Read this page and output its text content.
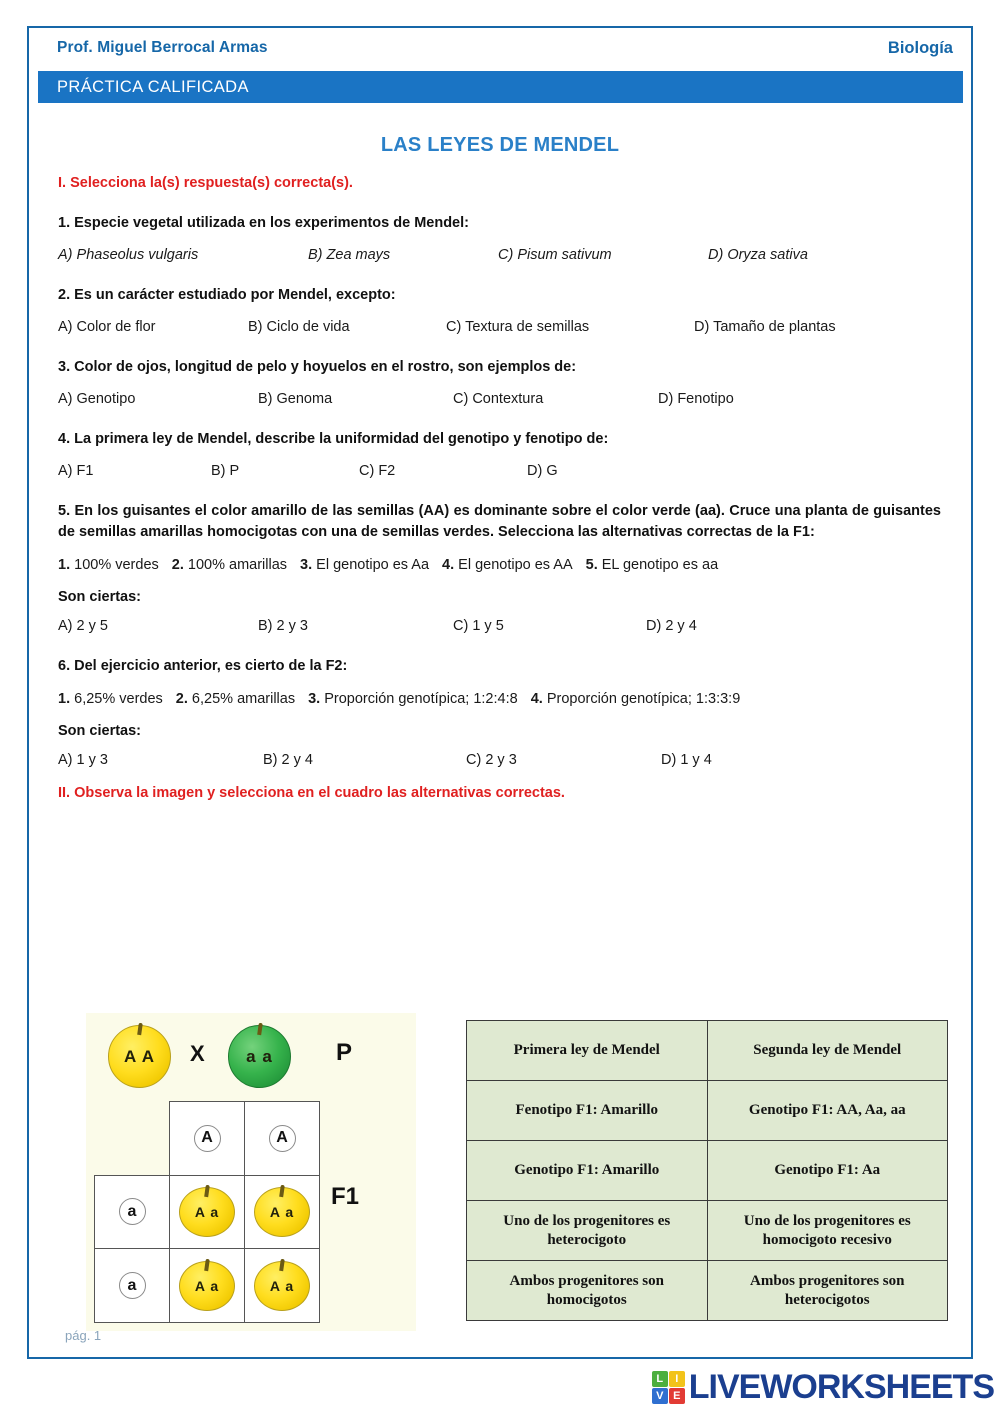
Prof. Miguel Berrocal Armas	Biología
PRÁCTICA CALIFICADA
LAS LEYES DE MENDEL
I. Selecciona la(s) respuesta(s) correcta(s).
1. Especie vegetal utilizada en los experimentos de Mendel:
A) Phaseolus vulgaris	B) Zea mays	C) Pisum sativum	D) Oryza sativa
2. Es un carácter estudiado por Mendel, excepto:
A) Color de flor	B) Ciclo de vida	C) Textura de semillas	D) Tamaño de plantas
3. Color de ojos, longitud de pelo y hoyuelos en el rostro, son ejemplos de:
A) Genotipo	B) Genoma	C) Contextura	D) Fenotipo
4. La primera ley de Mendel, describe la uniformidad del genotipo y fenotipo de:
A) F1	B) P	C) F2	D) G
5. En los guisantes el color amarillo de las semillas (AA) es dominante sobre el color verde (aa). Cruce una planta de guisantes de semillas amarillas homocigotas con una de semillas verdes. Selecciona las alternativas correctas de la F1:
1. 100% verdes 2. 100% amarillas 3. El genotipo es Aa 4. El genotipo es AA 5. EL genotipo es aa
Son ciertas:
A) 2 y 5	B) 2 y 3	C) 1 y 5	D) 2 y 4
6. Del ejercicio anterior, es cierto de la F2:
1. 6,25% verdes 2. 6,25% amarillas 3. Proporción genotípica; 1:2:4:8 4. Proporción genotípica; 1:3:3:9
Son ciertas:
A) 1 y 3	B) 2 y 4	C) 2 y 3	D) 1 y 4
II. Observa la imagen y selecciona en el cuadro las alternativas correctas.
A A X a a	P
F1
	A	A
a	A a	A a

a	A a	A a
Primera ley de Mendel	Segunda ley de Mendel
Fenotipo F1: Amarillo	Genotipo F1: AA, Aa, aa
Genotipo F1: Amarillo	Genotipo F1: Aa
Uno de los progenitores es heterocigoto	Uno de los progenitores es homocigoto recesivo
Ambos progenitores son homocigotos	Ambos progenitores son heterocigotos
pág. 1
L	I
V E LIVEWORKSHEETS
